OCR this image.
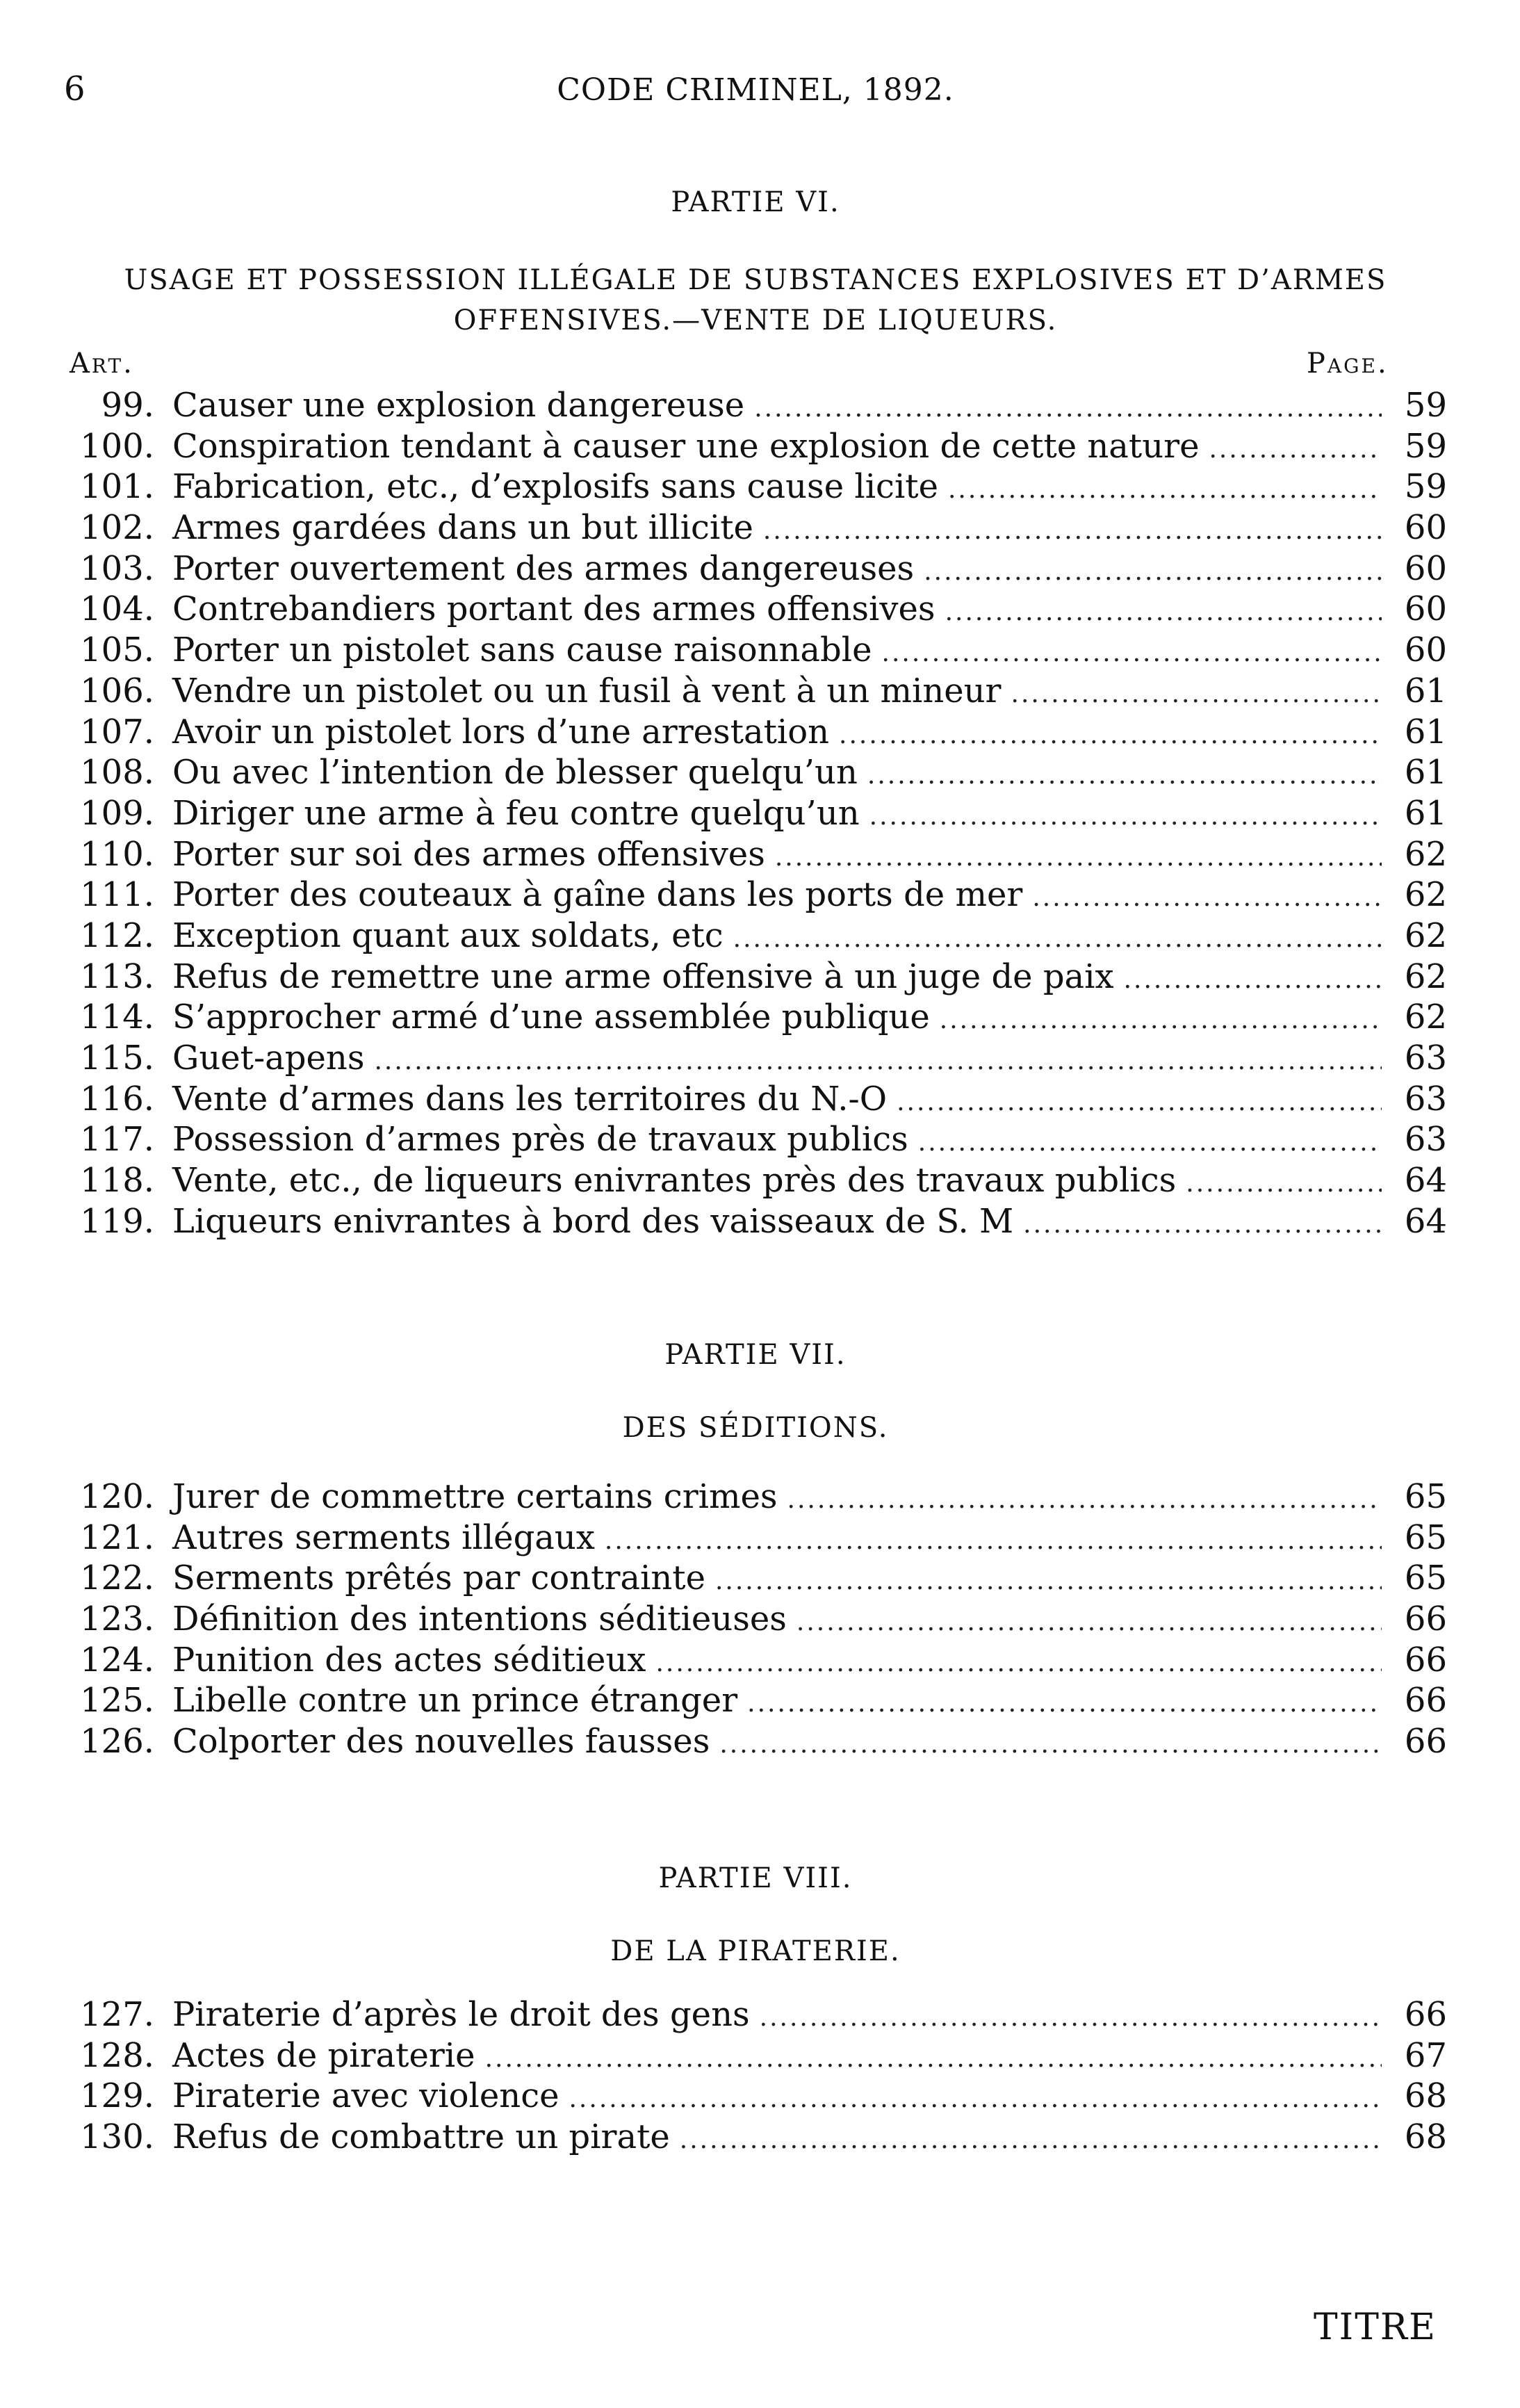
6	CODE CRIMINEL, 1892.
PARTIE VI.
USAGE ET POSSESSION ILLÉGALE DE SUBSTANCES EXPLOSIVES ET D’ARMES
OFFENSIVES.—VENTE DE LIQUEURS.
Art.	Page.
99. Causer une explosion dangereuse .....	59
100. Conspiration tendant à causer une explosion de cette nature .....	59
101. Fabrication, etc., d’explosifs sans cause licite .....	59
102. Armes gardées dans un but illicite .....	60
103. Porter ouvertement des armes dangereuses .....	60
104. Contrebandiers portant des armes offensives .....	60
105. Porter un pistolet sans cause raisonnable .....	60
106. Vendre un pistolet ou un fusil à vent à un mineur .....	61
107. Avoir un pistolet lors d’une arrestation .....	61
108. Ou avec l’intention de blesser quelqu’un .....	61
109. Diriger une arme à feu contre quelqu’un .....	61
110. Porter sur soi des armes offensives .....	62
111. Porter des couteaux à gaîne dans les ports de mer .....	62
112. Exception quant aux soldats, etc .....	62
113. Refus de remettre une arme offensive à un juge de paix .....	62
114. S’approcher armé d’une assemblée publique .....	62
115. Guet-apens .....	63
116. Vente d’armes dans les territoires du N.-O .....	63
117. Possession d’armes près de travaux publics .....	63
118. Vente, etc., de liqueurs enivrantes près des travaux publics .....	64
119. Liqueurs enivrantes à bord des vaisseaux de S. M .....	64
PARTIE VII.
DES SÉDITIONS.
120. Jurer de commettre certains crimes .....	65
121. Autres serments illégaux .....	65
122. Serments prêtés par contrainte .....	65
123. Définition des intentions séditieuses .....	66
124. Punition des actes séditieux .....	66
125. Libelle contre un prince étranger .....	66
126. Colporter des nouvelles fausses .....	66
PARTIE VIII.
DE LA PIRATERIE.
127. Piraterie d’après le droit des gens .....	66
128. Actes de piraterie .....	67
129. Piraterie avec violence .....	68
130. Refus de combattre un pirate .....	68
TITRE
